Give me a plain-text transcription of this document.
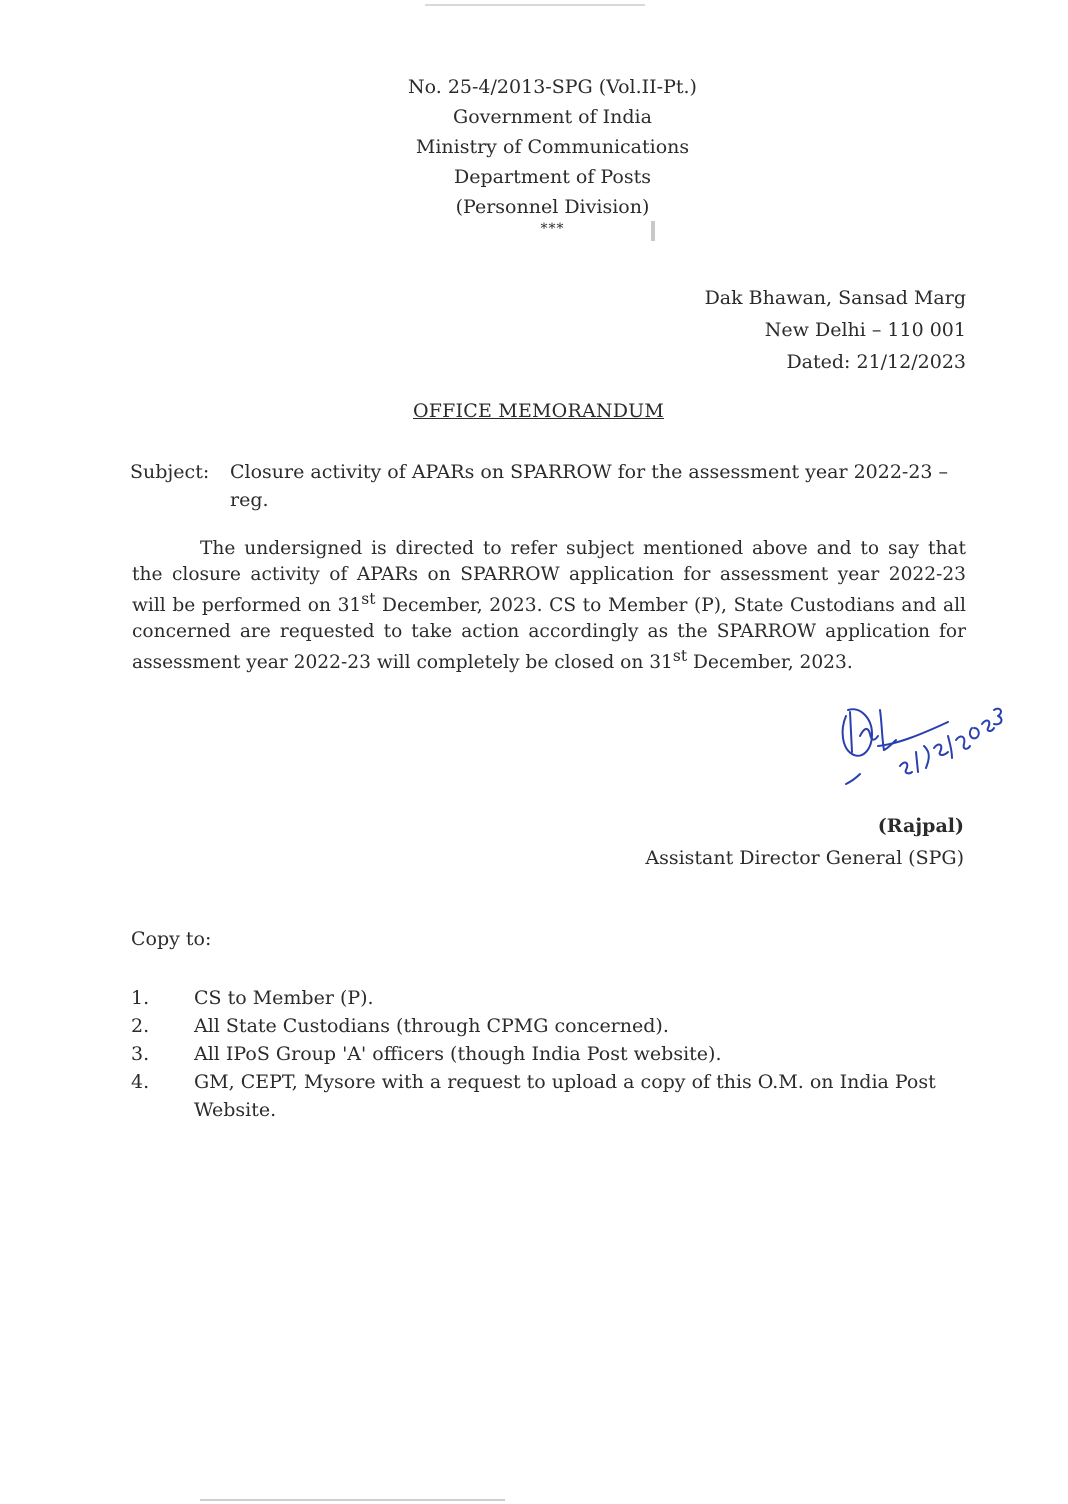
No. 25-4/2013-SPG (Vol.II-Pt.)
Government of India
Ministry of Communications
Department of Posts
(Personnel Division)
***
Dak Bhawan, Sansad Marg
New Delhi – 110 001
Dated: 21/12/2023
OFFICE MEMORANDUM
Subject: Closure activity of APARs on SPARROW for the assessment year 2022-23 – reg.
The undersigned is directed to refer subject mentioned above and to say that the closure activity of APARs on SPARROW application for assessment year 2022-23 will be performed on 31st December, 2023. CS to Member (P), State Custodians and all concerned are requested to take action accordingly as the SPARROW application for assessment year 2022-23 will completely be closed on 31st December, 2023.
(Rajpal)
Assistant Director General (SPG)
Copy to:
1. CS to Member (P).
2. All State Custodians (through CPMG concerned).
3. All IPoS Group 'A' officers (though India Post website).
4. GM, CEPT, Mysore with a request to upload a copy of this O.M. on India Post Website.
